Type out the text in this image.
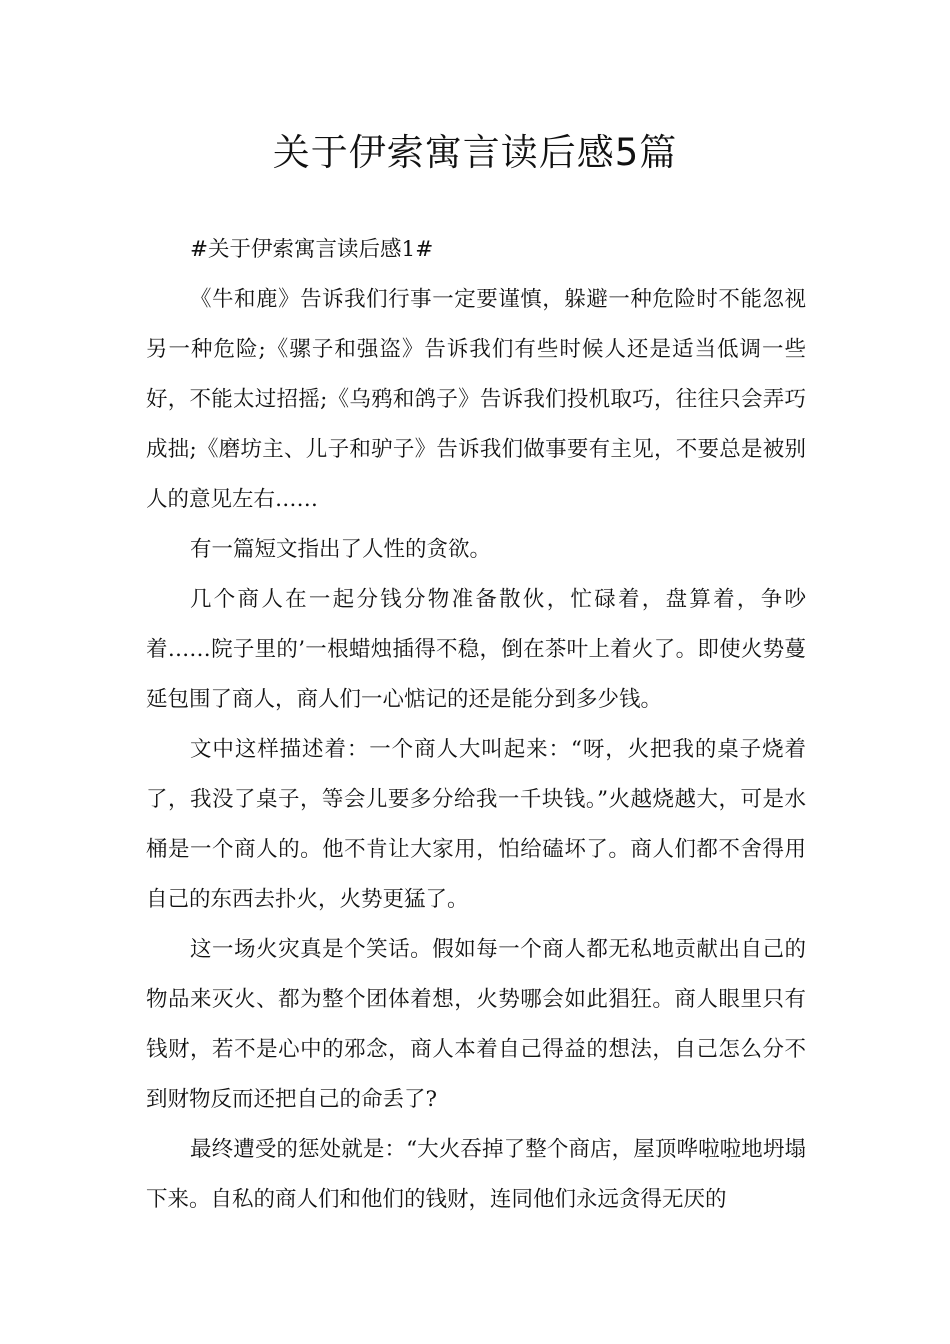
关于伊索寓言读后感5篇

#关于伊索寓言读后感1#

《牛和鹿》告诉我们行事一定要谨慎，躲避一种危险时不能忽视另一种危险;《骡子和强盗》告诉我们有些时候人还是适当低调一些好，不能太过招摇;《乌鸦和鸽子》告诉我们投机取巧，往往只会弄巧成拙;《磨坊主、儿子和驴子》告诉我们做事要有主见，不要总是被别人的意见左右……

有一篇短文指出了人性的贪欲。

几个商人在一起分钱分物准备散伙，忙碌着，盘算着，争吵着……院子里的’一根蜡烛插得不稳，倒在茶叶上着火了。即使火势蔓延包围了商人，商人们一心惦记的还是能分到多少钱。

文中这样描述着：一个商人大叫起来：“呀，火把我的桌子烧着了，我没了桌子，等会儿要多分给我一千块钱。”火越烧越大，可是水桶是一个商人的。他不肯让大家用，怕给磕坏了。商人们都不舍得用自己的东西去扑火，火势更猛了。

这一场火灾真是个笑话。假如每一个商人都无私地贡献出自己的物品来灭火、都为整个团体着想，火势哪会如此猖狂。商人眼里只有钱财，若不是心中的邪念，商人本着自己得益的想法，自己怎么分不到财物反而还把自己的命丢了?

最终遭受的惩处就是：“大火吞掉了整个商店，屋顶哗啦啦地坍塌下来。自私的商人们和他们的钱财，连同他们永远贪得无厌的
